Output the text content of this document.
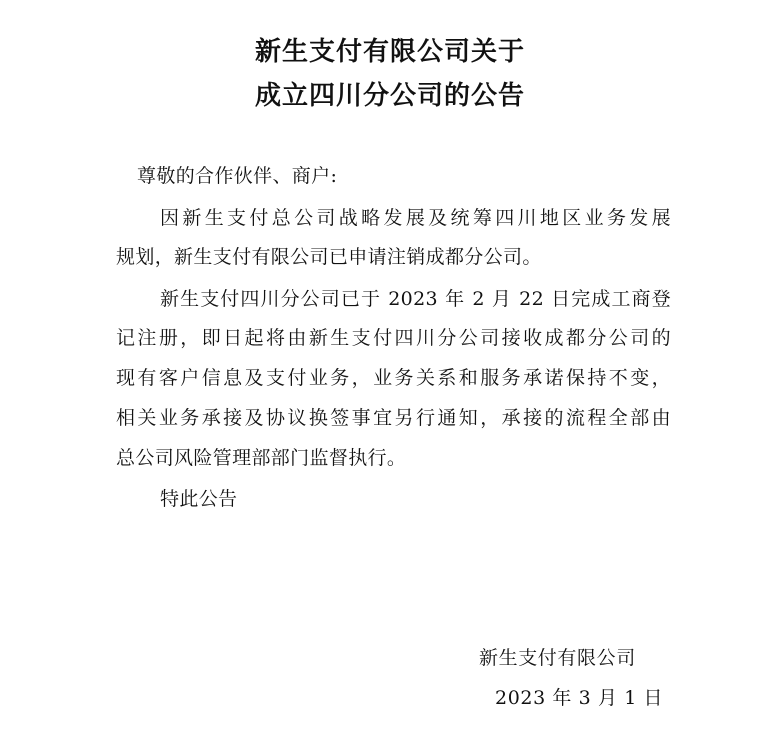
新生支付有限公司关于
成立四川分公司的公告
尊敬的合作伙伴、商户:
因新生支付总公司战略发展及统筹四川地区业务发展
规划，新生支付有限公司已申请注销成都分公司。
新生支付四川分公司已于 2023 年 2 月 22 日完成工商登
记注册，即日起将由新生支付四川分公司接收成都分公司的
现有客户信息及支付业务，业务关系和服务承诺保持不变，
相关业务承接及协议换签事宜另行通知，承接的流程全部由
总公司风险管理部部门监督执行。
特此公告
新生支付有限公司
2023 年 3 月 1 日
